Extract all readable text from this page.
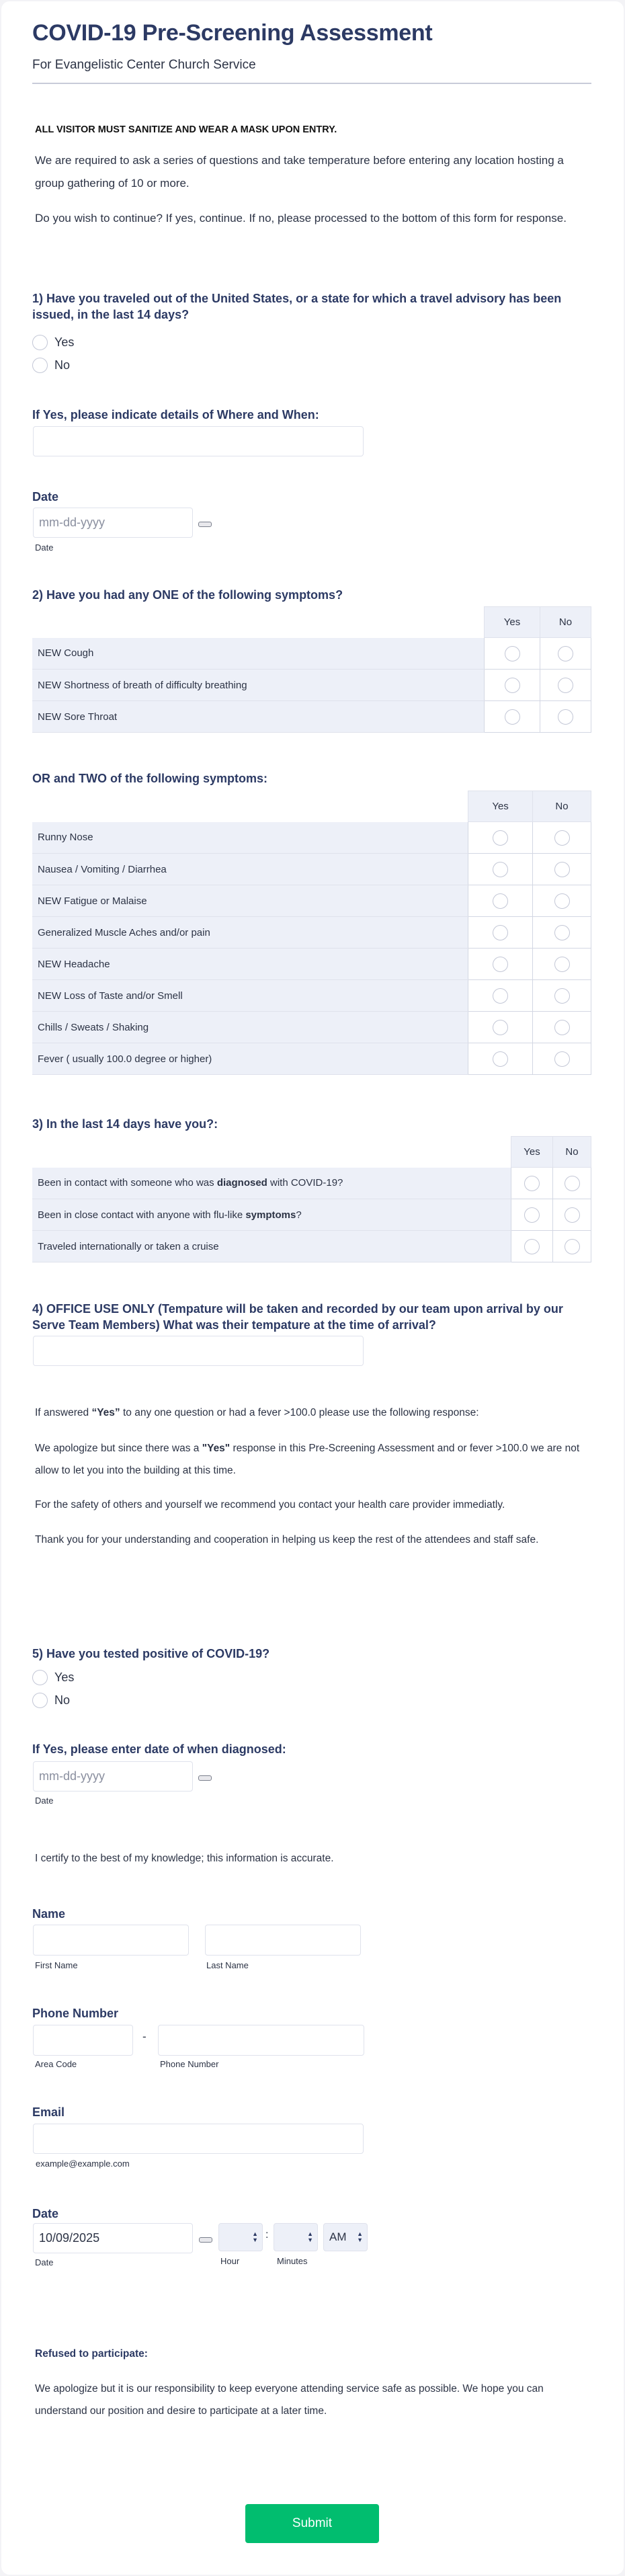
COVID-19 Pre-Screening Assessment
For Evangelistic Center Church Service
ALL VISITOR MUST SANITIZE AND WEAR A MASK UPON ENTRY.
We are required to ask a series of questions and take temperature before entering any location hosting a group gathering of 10 or more.
Do you wish to continue? If yes, continue. If no, please processed to the bottom of this form for response.
1) Have you traveled out of the United States, or a state for which a travel advisory has been issued, in the last 14 days?
Yes
No
If Yes, please indicate details of Where and When:
Date
mm-dd-yyyy
Date
2) Have you had any ONE of the following symptoms?
	Yes	No
NEW Cough		
NEW Shortness of breath of difficulty breathing		
NEW Sore Throat		
OR and TWO of the following symptoms:
	Yes	No
Runny Nose		
Nausea / Vomiting / Diarrhea		
NEW Fatigue or Malaise		
Generalized Muscle Aches and/or pain		
NEW Headache		
NEW Loss of Taste and/or Smell		
Chills / Sweats / Shaking		
Fever ( usually 100.0 degree or higher)		
3) In the last 14 days have you?:
	Yes	No
Been in contact with someone who was diagnosed with COVID-19?		
Been in close contact with anyone with flu-like symptoms?		
Traveled internationally or taken a cruise		
4) OFFICE USE ONLY (Tempature will be taken and recorded by our team upon arrival by our Serve Team Members) What was their tempature at the time of arrival?
If answered “Yes” to any one question or had a fever >100.0 please use the following response:
We apologize but since there was a "Yes" response in this Pre-Screening Assessment and or fever >100.0 we are not allow to let you into the building at this time.
For the safety of others and yourself we recommend you contact your health care provider immediatly.
Thank you for your understanding and cooperation in helping us keep the rest of the attendees and staff safe.
5) Have you tested positive of COVID-19?
Yes
No
If Yes, please enter date of when diagnosed:
mm-dd-yyyy
Date
I certify to the best of my knowledge; this information is accurate.
Name
First Name	Last Name
Phone Number
-
Area Code	Phone Number
Email
example@example.com
Date
10/09/2025	▲
▼ :	▲
▼	AM	▲
▼
Date	Hour	Minutes
Refused to participate:
We apologize but it is our responsibility to keep everyone attending service safe as possible. We hope you can understand our position and desire to participate at a later time.
Submit
